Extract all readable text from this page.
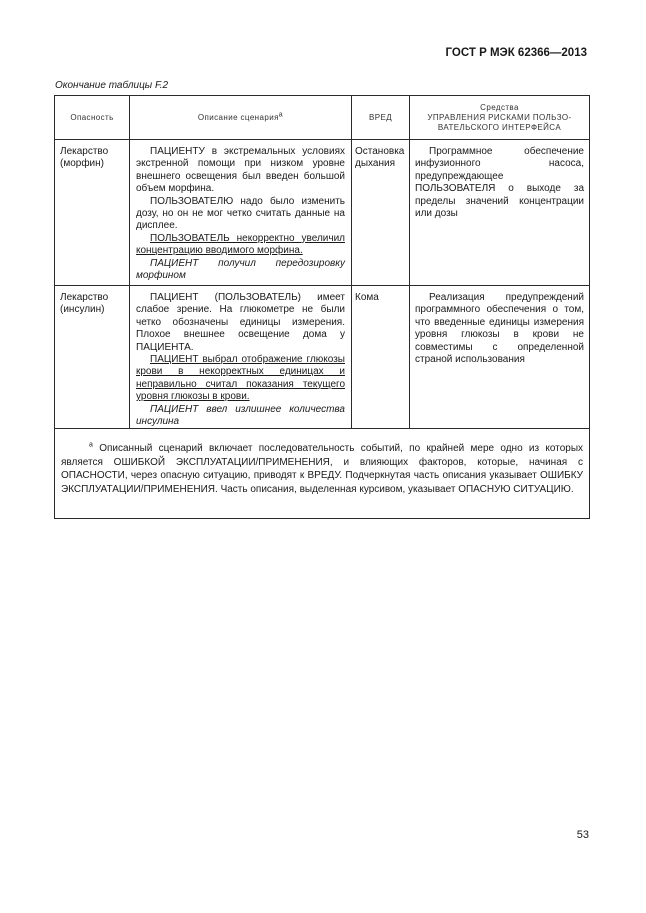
ГОСТ Р МЭК 62366—2013
Окончание таблицы F.2
Опасность	Описание сценарияа	ВРЕД	Средства
УПРАВЛЕНИЯ РИСКАМИ ПОЛЬЗО-
ВАТЕЛЬСКОГО ИНТЕРФЕЙСА

Лекарство (морфин)	ПАЦИЕНТУ в экстремальных условиях экстренной помощи при низком уровне внешнего освещения был введен большой объем морфина.
ПОЛЬЗОВАТЕЛЮ надо было изменить дозу, но он не мог четко считать данные на дисплее.
ПОЛЬЗОВАТЕЛЬ некорректно увеличил концентрацию вводимого морфина.
ПАЦИЕНТ получил передозировку морфином	Остановка дыхания	Программное обеспечение инфузионного насоса, предупреждающее ПОЛЬЗОВАТЕЛЯ о выходе за пределы значений концентрации или дозы
Лекарство (инсулин)	ПАЦИЕНТ (ПОЛЬЗОВАТЕЛЬ) имеет слабое зрение. На глюкометре не были четко обозначены единицы измерения. Плохое внешнее освещение дома у ПАЦИЕНТА.
ПАЦИЕНТ выбрал отображение глюкозы крови в некорректных единицах и неправильно считал показания текущего уровня глюкозы в крови.
ПАЦИЕНТ ввел излишнее количества инсулина	Кома	Реализация предупреждений программного обеспечения о том, что введенные единицы измерения уровня глюкозы в крови не совместимы с определенной страной использования
$^а$ Описанный сценарий включает последовательность событий, по крайней мере одно из которых является ОШИБКОЙ ЭКСПЛУАТАЦИИ/ПРИМЕНЕНИЯ, и влияющих факторов, которые, начиная с ОПАСНОСТИ, через опасную ситуацию, приводят к ВРЕДУ. Подчеркнутая часть описания указывает ОШИБКУ ЭКСПЛУАТАЦИИ/ПРИМЕНЕНИЯ. Часть описания, выделенная курсивом, указывает ОПАСНУЮ СИТУАЦИЮ.			
53
